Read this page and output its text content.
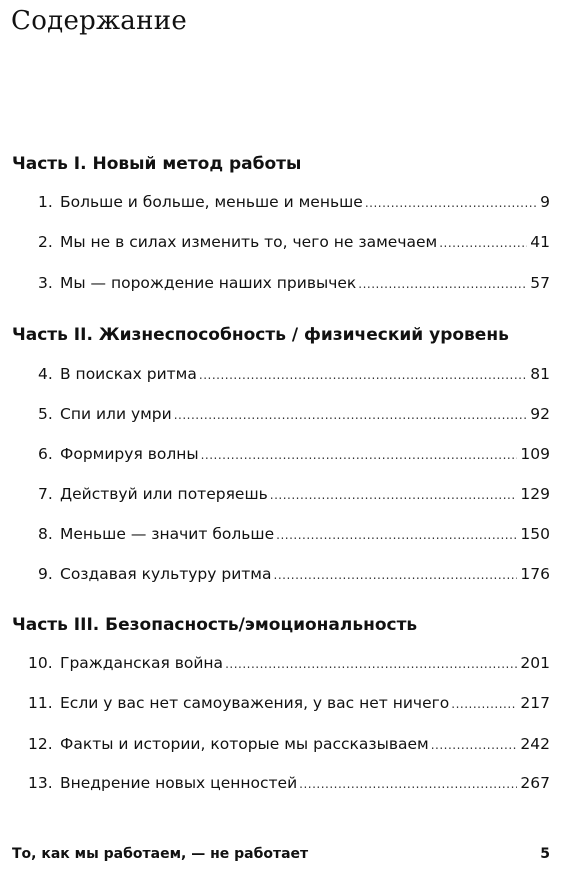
Содержание
Часть I. Новый метод работы
1. Больше и больше, меньше и меньше .....	9
2. Мы не в силах изменить то, чего не замечаем .....	41
3. Мы — порождение наших привычек .....	57
Часть II. Жизнеспособность / физический уровень
4. В поисках ритма .....	81
5. Спи или умри .....	92
6. Формируя волны .....	109
7. Действуй или потеряешь .....	129
8. Меньше — значит больше .....	150
9. Создавая культуру ритма .....	176
Часть III. Безопасность/эмоциональность
10. Гражданская война .....	201
11. Если у вас нет самоуважения, у вас нет ничего .....	217
12. Факты и истории, которые мы рассказываем .....	242
13. Внедрение новых ценностей .....	267
То, как мы работаем, — не работает	5
